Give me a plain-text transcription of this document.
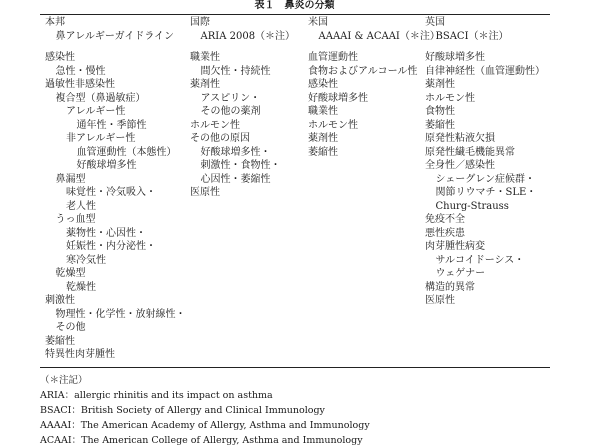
表１　鼻炎の分類
本邦
鼻アレルギーガイドライン
感染性
急性・慢性
過敏性非感染性
複合型（鼻過敏症）
アレルギー性
通年性・季節性
非アレルギー性
血管運動性（本態性）
好酸球増多性
鼻漏型
味覚性・冷気吸入・
老人性
うっ血型
薬物性・心因性・
妊娠性・内分泌性・
寒冷気性
乾燥型
乾燥性
刺激性
物理性・化学性・放射線性・
その他
萎縮性
特異性肉芽腫性
国際
ARIA 2008（＊注）
職業性
間欠性・持続性
薬剤性
アスピリン・
その他の薬剤
ホルモン性
その他の原因
好酸球増多性・
刺激性・食物性・
心因性・萎縮性
医原性
米国
AAAAI & ACAAI（＊注）
血管運動性
食物およびアルコール性
感染性
好酸球増多性
職業性
ホルモン性
薬剤性
萎縮性
英国
BSACI（＊注）
好酸球増多性
自律神経性（血管運動性）
薬剤性
ホルモン性
食物性
萎縮性
原発性粘液欠損
原発性繊毛機能異常
全身性／感染性
シェーグレン症候群・
関節リウマチ・SLE・
Churg-Strauss
免疫不全
悪性疾患
肉芽腫性病変
サルコイドーシス・
ウェゲナー
構造的異常
医原性
（＊注記）
ARIA：allergic rhinitis and its impact on asthma
BSACI：British Society of Allergy and Clinical Immunology
AAAAI：The American Academy of Allergy, Asthma and Immunology
ACAAI：The American College of Allergy, Asthma and Immunology
